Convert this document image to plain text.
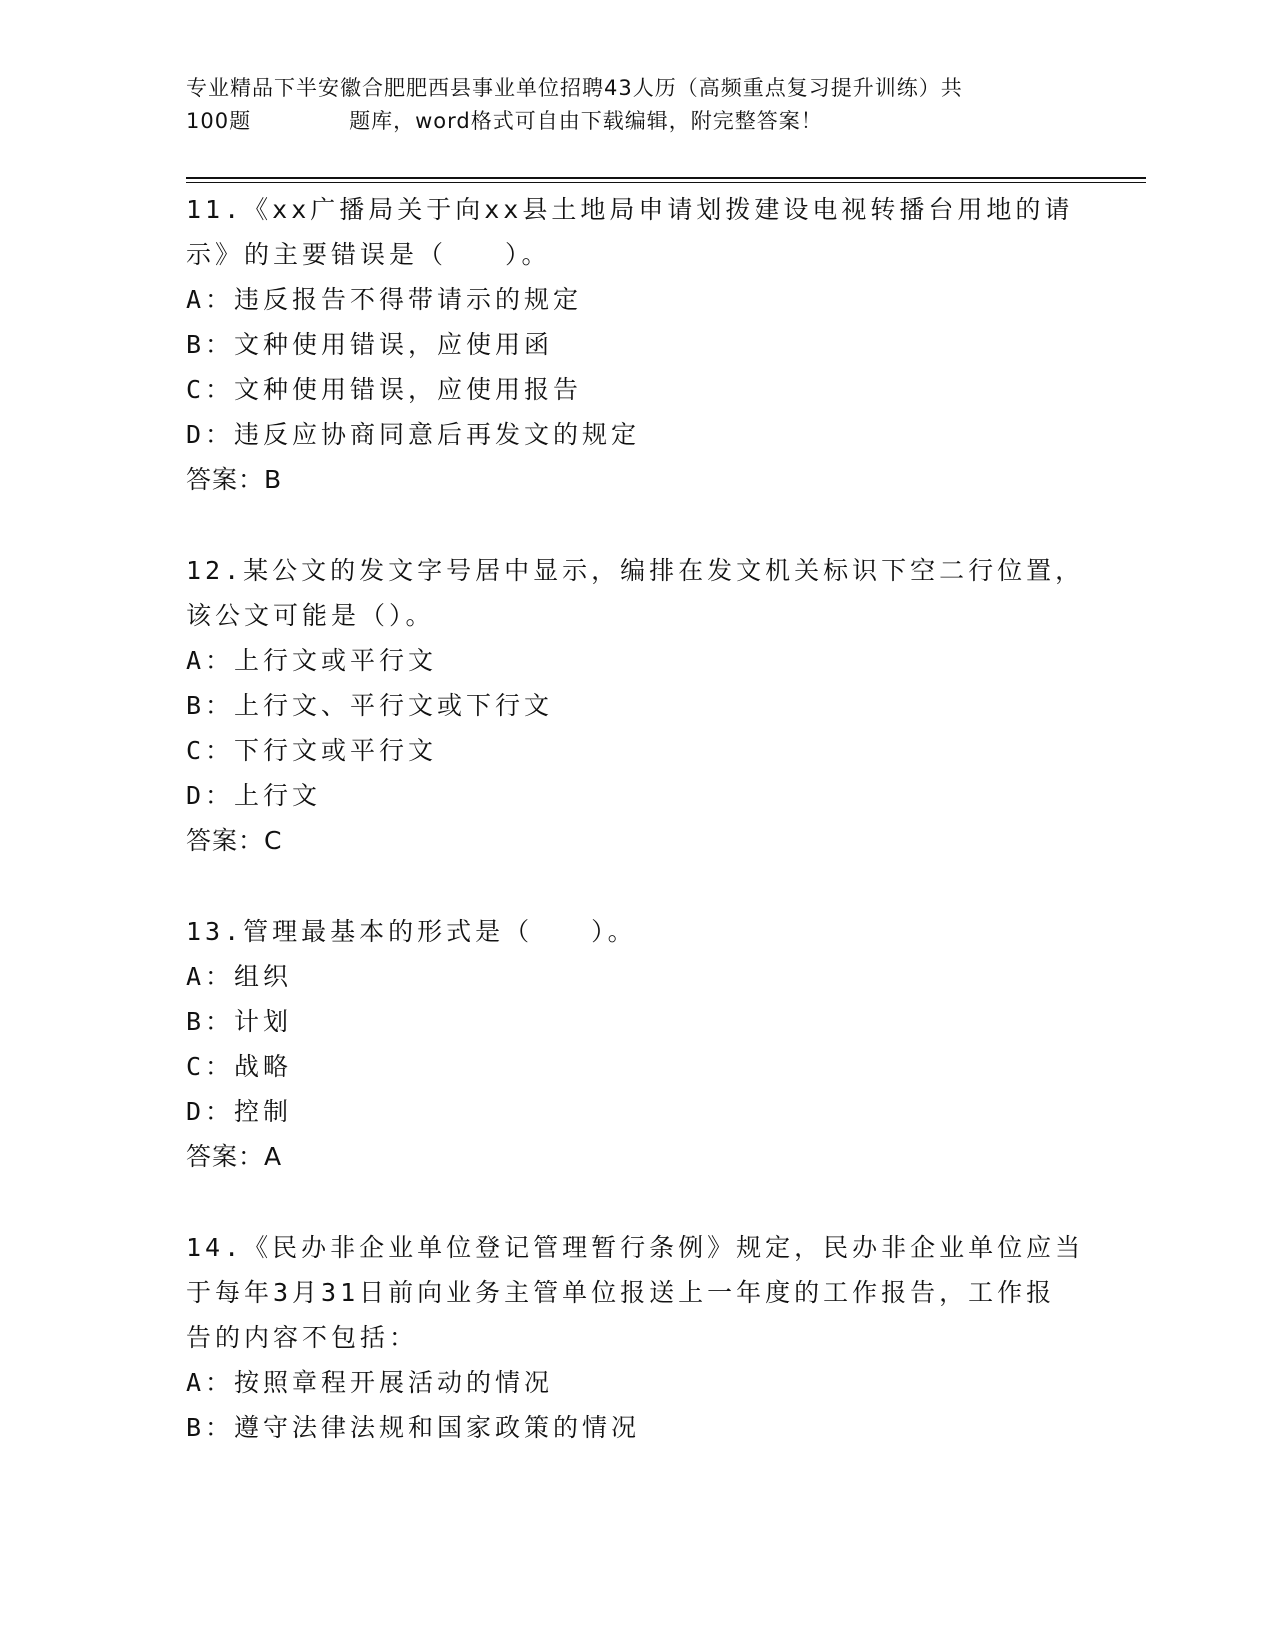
专业精品下半安徽合肥肥西县事业单位招聘43人历（高频重点复习提升训练）共
100题	题库，word格式可自由下载编辑，附完整答案！
11.《xx广播局关于向xx县土地局申请划拨建设电视转播台用地的请
示》的主要错误是（　　）。
A：违反报告不得带请示的规定
B：文种使用错误，应使用函
C：文种使用错误，应使用报告
D：违反应协商同意后再发文的规定
答案：B
12.某公文的发文字号居中显示，编排在发文机关标识下空二行位置，
该公文可能是（）。
A：上行文或平行文
B：上行文、平行文或下行文
C：下行文或平行文
D：上行文
答案：C
13.管理最基本的形式是（　　）。
A：组织
B：计划
C：战略
D：控制
答案：A
14.《民办非企业单位登记管理暂行条例》规定，民办非企业单位应当
于每年3月31日前向业务主管单位报送上一年度的工作报告，工作报
告的内容不包括：
A：按照章程开展活动的情况
B：遵守法律法规和国家政策的情况
